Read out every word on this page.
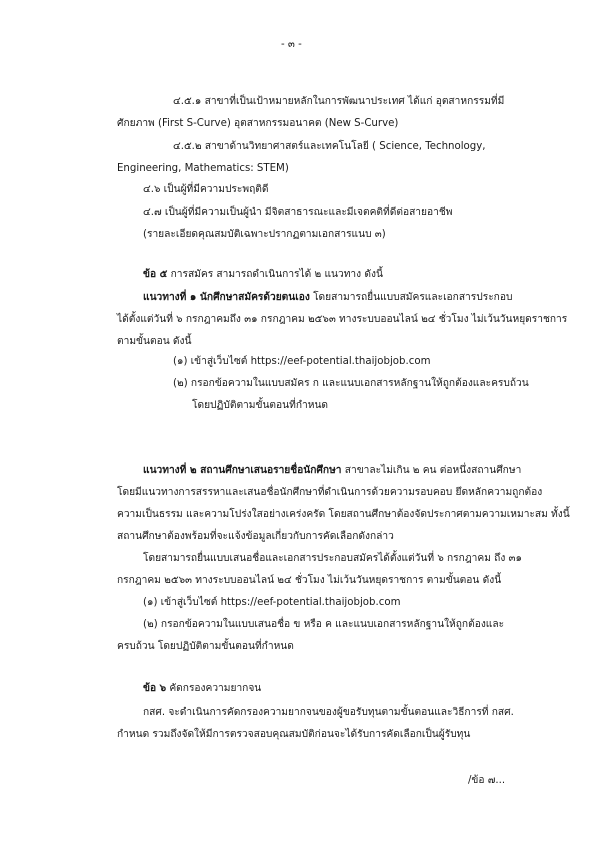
- ๓ -
๔.๕.๑ สาขาที่เป็นเป้าหมายหลักในการพัฒนาประเทศ ได้แก่ อุตสาหกรรมที่มี
ศักยภาพ (First S-Curve) อุตสาหกรรมอนาคต (New S-Curve)
๔.๕.๒ สาขาด้านวิทยาศาสตร์และเทคโนโลยี ( Science, Technology,
Engineering, Mathematics: STEM)
๔.๖ เป็นผู้ที่มีความประพฤติดี
๔.๗ เป็นผู้ที่มีความเป็นผู้นำ มีจิตสาธารณะและมีเจตคติที่ดีต่อสายอาชีพ
(รายละเอียดคุณสมบัติเฉพาะปรากฏตามเอกสารแนบ ๓)
ข้อ ๕ การสมัคร สามารถดำเนินการได้ ๒ แนวทาง ดังนี้
แนวทางที่ ๑ นักศึกษาสมัครด้วยตนเอง โดยสามารถยื่นแบบสมัครและเอกสารประกอบ
ได้ตั้งแต่วันที่ ๖ กรกฎาคมถึง ๓๑ กรกฎาคม ๒๕๖๓ ทางระบบออนไลน์ ๒๔ ชั่วโมง ไม่เว้นวันหยุดราชการ
ตามขั้นตอน ดังนี้
(๑) เข้าสู่เว็บไซต์ https://eef-potential.thaijobjob.com
(๒) กรอกข้อความในแบบสมัคร ก และแนบเอกสารหลักฐานให้ถูกต้องและครบถ้วน
โดยปฏิบัติตามขั้นตอนที่กำหนด
แนวทางที่ ๒ สถานศึกษาเสนอรายชื่อนักศึกษา สาขาละไม่เกิน ๒ คน ต่อหนึ่งสถานศึกษา
โดยมีแนวทางการสรรหาและเสนอชื่อนักศึกษาที่ดำเนินการด้วยความรอบคอบ ยึดหลักความถูกต้อง
ความเป็นธรรม และความโปร่งใสอย่างเคร่งครัด โดยสถานศึกษาต้องจัดประกาศตามความเหมาะสม ทั้งนี้
สถานศึกษาต้องพร้อมที่จะแจ้งข้อมูลเกี่ยวกับการคัดเลือกดังกล่าว
โดยสามารถยื่นแบบเสนอชื่อและเอกสารประกอบสมัครได้ตั้งแต่วันที่ ๖ กรกฎาคม ถึง ๓๑
กรกฎาคม ๒๕๖๓ ทางระบบออนไลน์ ๒๔ ชั่วโมง ไม่เว้นวันหยุดราชการ ตามขั้นตอน ดังนี้
(๑) เข้าสู่เว็บไซต์ https://eef-potential.thaijobjob.com
(๒) กรอกข้อความในแบบเสนอชื่อ ข หรือ ค และแนบเอกสารหลักฐานให้ถูกต้องและ
ครบถ้วน โดยปฏิบัติตามขั้นตอนที่กำหนด
ข้อ ๖ คัดกรองความยากจน
กสศ. จะดำเนินการคัดกรองความยากจนของผู้ขอรับทุนตามขั้นตอนและวิธีการที่ กสศ.
กำหนด รวมถึงจัดให้มีการตรวจสอบคุณสมบัติก่อนจะได้รับการคัดเลือกเป็นผู้รับทุน
/ข้อ ๗...
